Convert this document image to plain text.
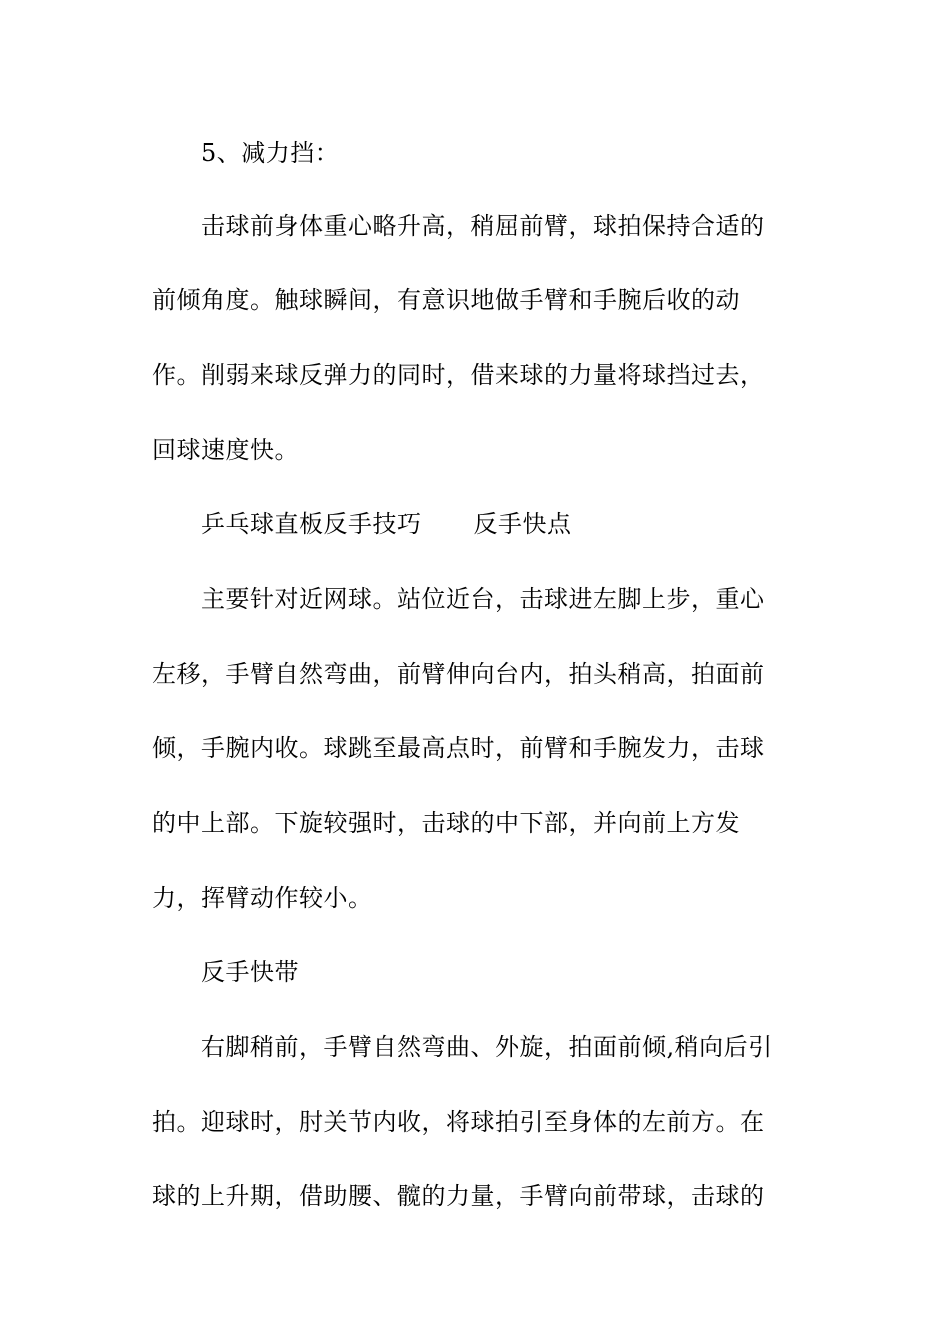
5、减力挡：
击球前身体重心略升高，稍屈前臂，球拍保持合适的
前倾角度。触球瞬间，有意识地做手臂和手腕后收的动
作。削弱来球反弹力的同时，借来球的力量将球挡过去，
回球速度快。
乒乓球直板反手技巧 反手快点
主要针对近网球。站位近台，击球进左脚上步，重心
左移，手臂自然弯曲，前臂伸向台内，拍头稍高，拍面前
倾，手腕内收。球跳至最高点时，前臂和手腕发力，击球
的中上部。下旋较强时，击球的中下部，并向前上方发
力，挥臂动作较小。
反手快带
右脚稍前，手臂自然弯曲、外旋，拍面前倾,稍向后引
拍。迎球时，肘关节内收，将球拍引至身体的左前方。在
球的上升期，借助腰、髋的力量，手臂向前带球，击球的
